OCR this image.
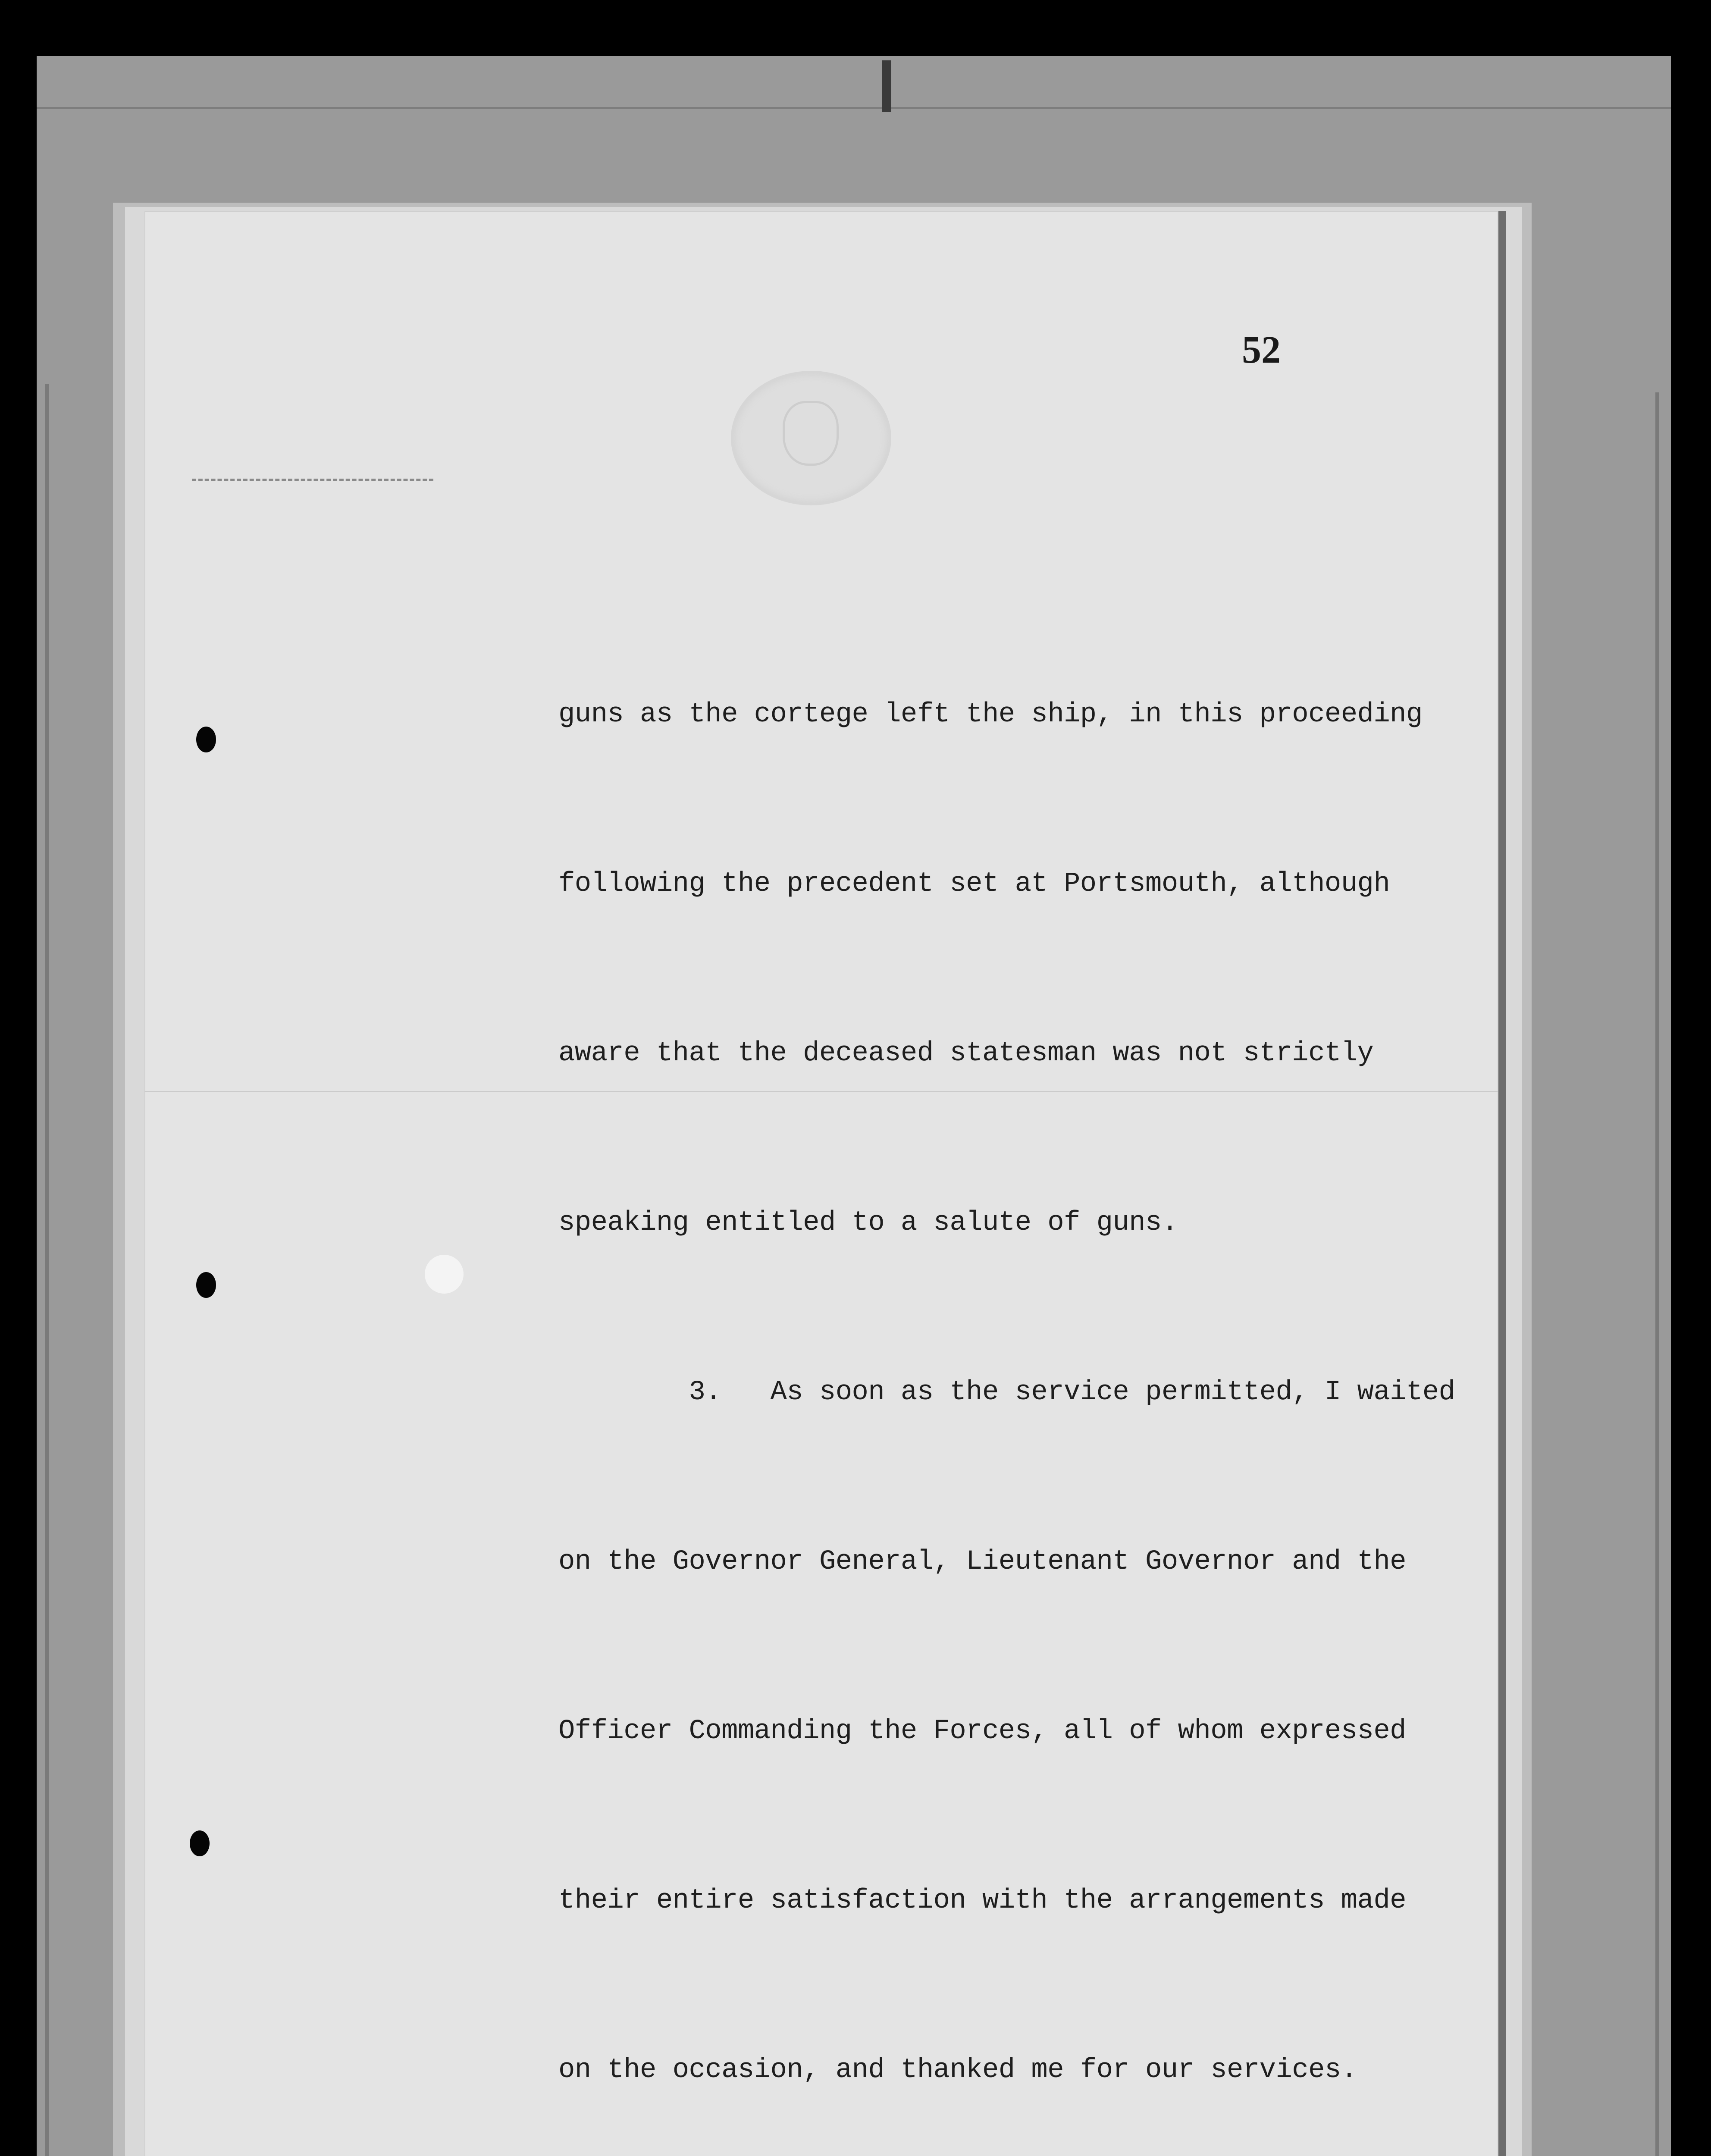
52

guns as the cortege left the ship, in this proceeding

following the precedent set at Portsmouth, although

aware that the deceased statesman was not strictly

speaking entitled to a salute of guns.

3.   As soon as the service permitted, I waited

on the Governor General, Lieutenant Governor and the

Officer Commanding the Forces, all of whom expressed

their entire satisfaction with the arrangements made

on the occasion, and thanked me for our services.
